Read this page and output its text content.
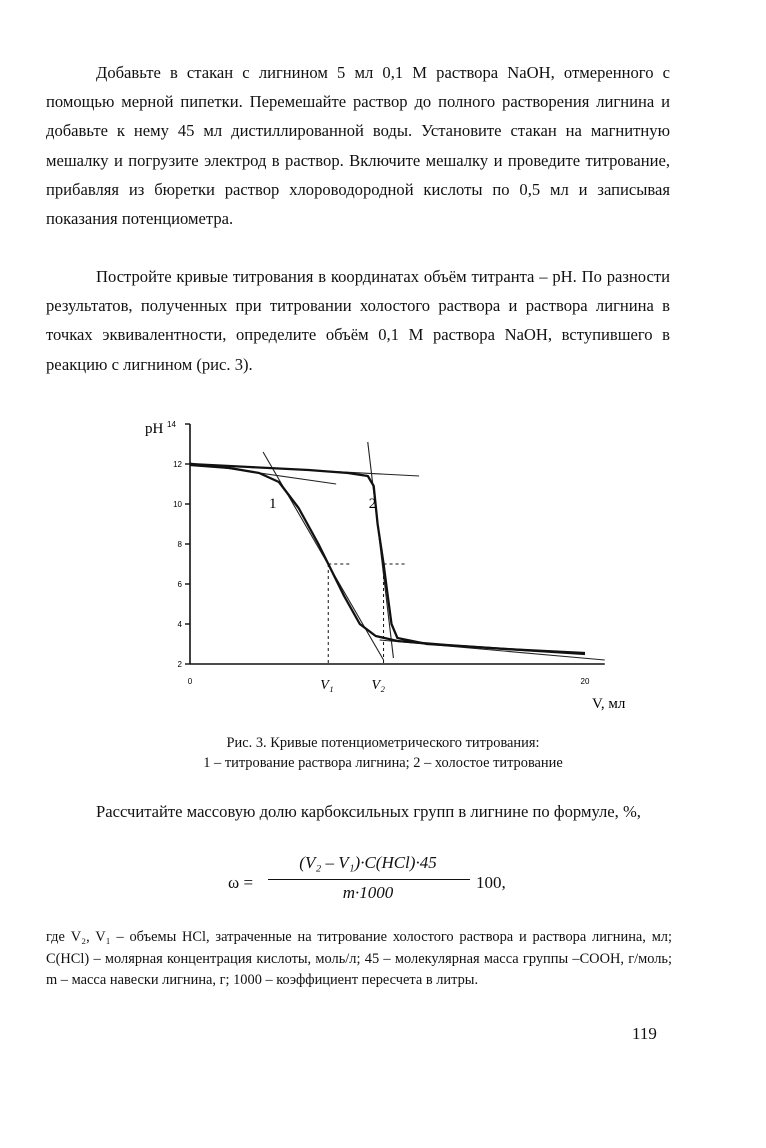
Добавьте в стакан с лигнином 5 мл 0,1 М раствора NaOH, отмеренного с помощью мерной пипетки. Перемешайте раствор до полного растворения лигнина и добавьте к нему 45 мл дистиллированной воды. Установите стакан на магнитную мешалку и погрузите электрод в раствор. Включите мешалку и проведите титрование, прибавляя из бюретки раствор хлороводородной кислоты по 0,5 мл и записывая показания потенциометра.

Постройте кривые титрования в координатах объём титранта – pH. По разности результатов, полученных при титровании холостого раствора и раствора лигнина в точках эквивалентности, определите объём 0,1 М раствора NaOH, вступившего в реакцию с лигнином (рис. 3).

2
4
6
8
10
12
pH 14
0	20
V, мл
V₁	V₂
1	2

Рис. 3. Кривые потенциометрического титрования:

1 – титрование раствора лигнина; 2 – холостое титрование

Рассчитайте массовую долю карбоксильных групп в лигнине по формуле, %,

ω =
(V₂ – V₁)·C(HCl)·45
m·1000
100,

где V₂, V₁ – объемы HCl, затраченные на титрование холостого раствора и раствора лигнина, мл; C(HCl) – молярная концентрация кислоты, моль/л; 45 – молекулярная масса группы –COOH, г/моль; m – масса навески лигнина, г; 1000 – коэффициент пересчета в литры.

119
